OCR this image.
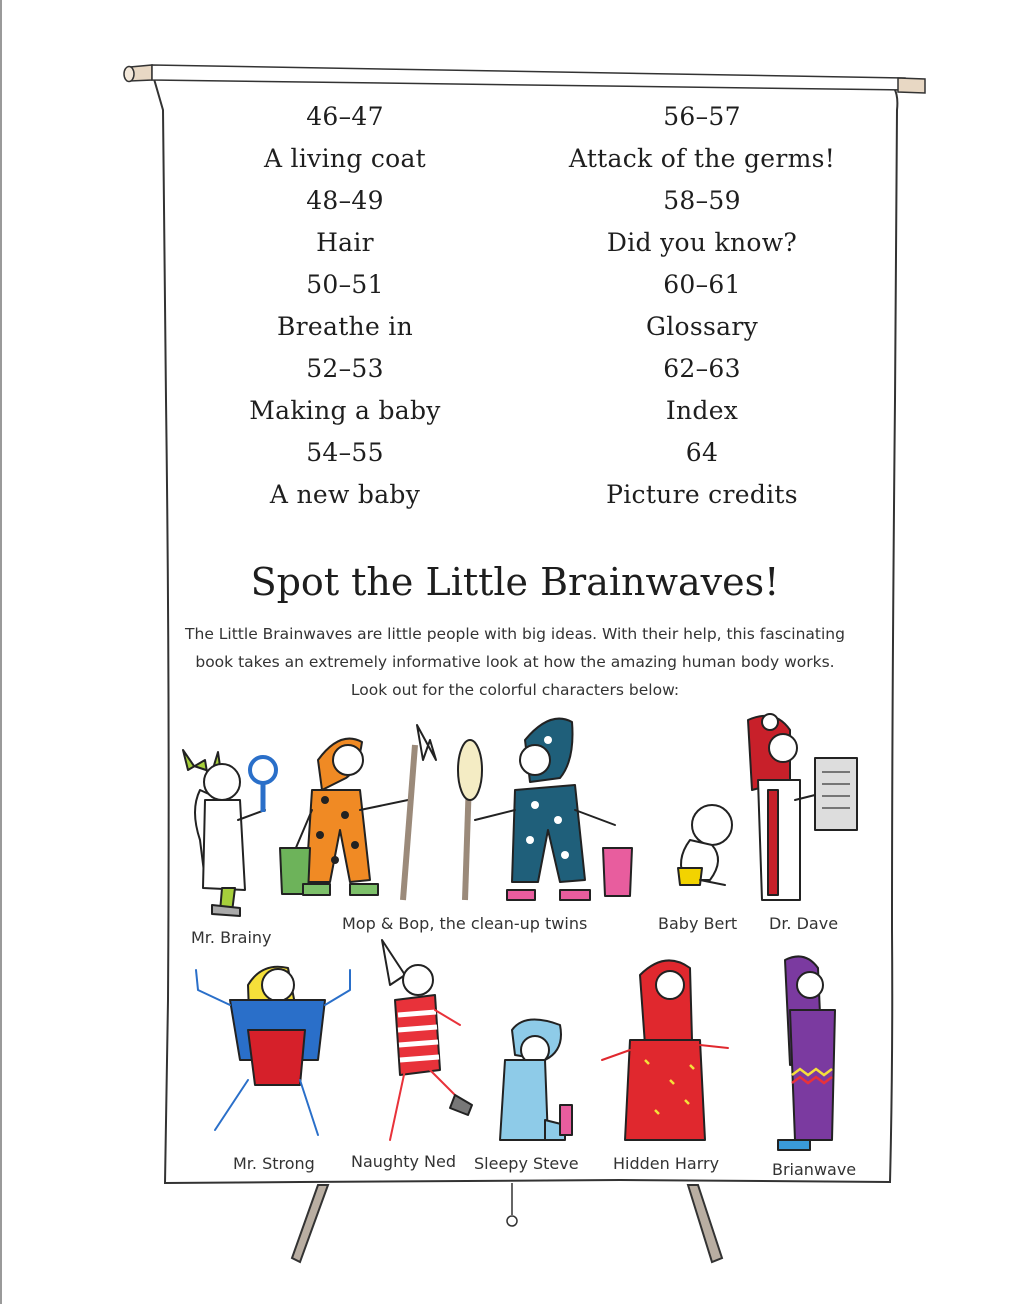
46–47
A living coat
48–49
Hair
50–51
Breathe in
52–53
Making a baby
54–55
A new baby
56–57
Attack of the germs!
58–59
Did you know?
60–61
Glossary
62–63
Index
64
Picture credits
Spot the Little Brainwaves!

The Little Brainwaves are little people with big ideas. With their help, this fascinating book takes an extremely informative look at how the amazing human body works. Look out for the colorful characters below:

Mr. Brainy
Mop & Bop, the clean-up twins	Baby Bert Dr. Dave
Mr. Strong Naughty Ned Sleepy Steve Hidden Harry	Brianwave
